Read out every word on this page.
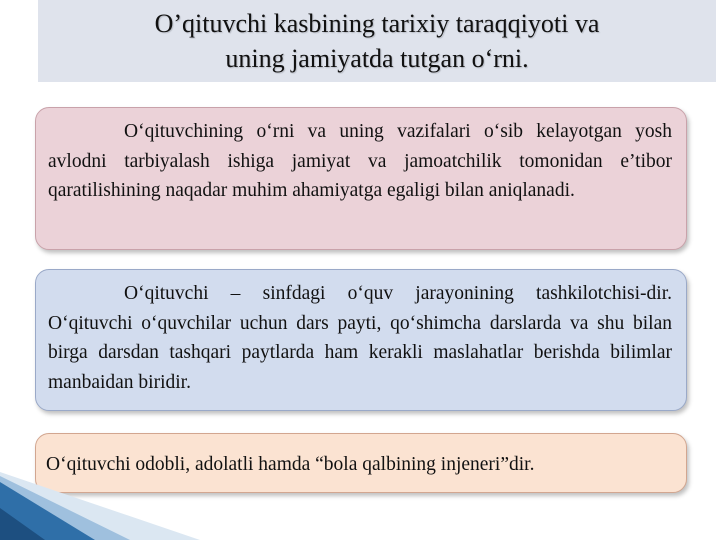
O’qituvchi kasbining tarixiy taraqqiyoti va
uning jamiyatda tutgan o‘rni.
O‘qituvchining o‘rni va uning vazifalari o‘sib kelayotgan yosh avlodni tarbiyalash ishiga jamiyat va jamoatchilik tomonidan e’tibor qaratilishining naqadar muhim ahamiyatga egaligi bilan aniqlanadi.
O‘qituvchi – sinfdagi o‘quv jarayonining tashkilotchisi-dir. O‘qituvchi o‘quvchilar uchun dars payti, qo‘shimcha darslarda va shu bilan birga darsdan tashqari paytlarda ham kerakli maslahatlar berishda bilimlar manbaidan biridir.
O‘qituvchi odobli, adolatli hamda “bola qalbining injeneri”dir.
